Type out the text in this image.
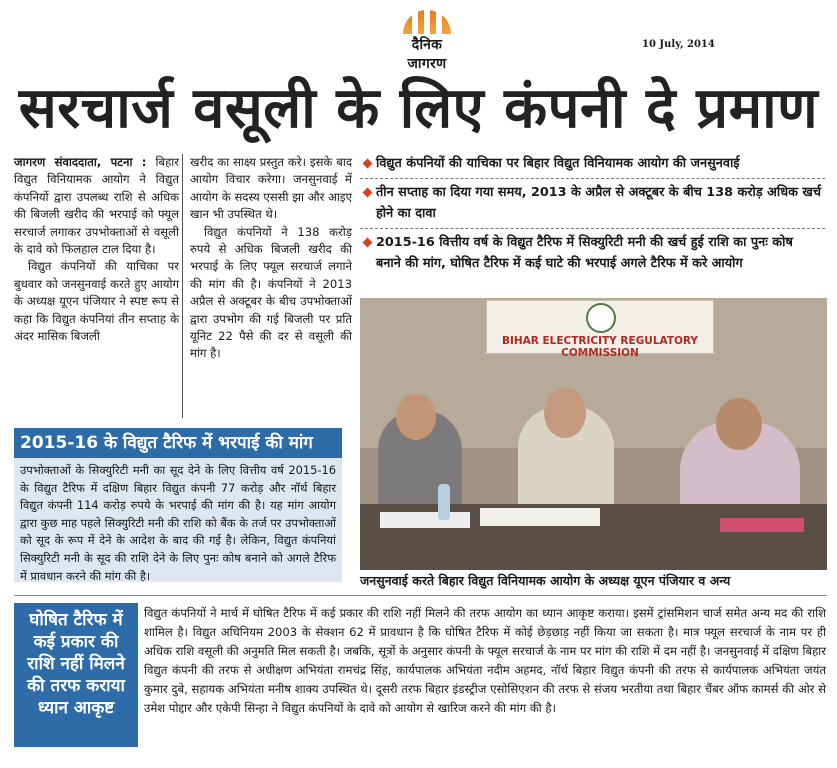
दैनिक जागरण
10 July, 2014
सरचार्ज वसूली के लिए कंपनी दे प्रमाण

जागरण संवाददाता, पटना : बिहार विद्युत विनियामक आयोग ने विद्युत कंपनियों द्वारा उपलब्ध राशि से अधिक की बिजली खरीद की भरपाई को फ्यूल सरचार्ज लगाकर उपभोक्ताओं से वसूली के दावे को फिलहाल टाल दिया है।

विद्युत कंपनियों की याचिका पर बुधवार को जनसुनवाई करते हुए आयोग के अध्यक्ष यूएन पंजियार ने स्पष्ट रूप से कहा कि विद्युत कंपनियां तीन सप्ताह के अंदर मासिक बिजली

खरीद का साक्ष्य प्रस्तुत करे। इसके बाद आयोग विचार करेगा। जनसुनवाई में आयोग के सदस्य एससी झा और आइए खान भी उपस्थित थे।

विद्युत कंपनियों ने 138 करोड़ रुपये से अधिक बिजली खरीद की भरपाई के लिए फ्यूल सरचार्ज लगाने की मांग की है। कंपनियों ने 2013 अप्रैल से अक्टूबर के बीच उपभोक्ताओं द्वारा उपभोग की गई बिजली पर प्रति यूनिट 22 पैसे की दर से वसूली की मांग है।

विद्युत कंपनियों की याचिका पर बिहार विद्युत विनियामक आयोग की जनसुनवाई
तीन सप्ताह का दिया गया समय, 2013 के अप्रैल से अक्टूबर के बीच 138 करोड़ अधिक खर्च होने का दावा
2015-16 वित्तीय वर्ष के विद्युत टैरिफ में सिक्युरिटी मनी की खर्च हुई राशि का पुनः कोष बनाने की मांग, घोषित टैरिफ में कई घाटे की भरपाई अगले टैरिफ में करे आयोग
BIHAR ELECTRICITY REGULATORY COMMISSION
जनसुनवाई करते बिहार विद्युत विनियामक आयोग के अध्यक्ष यूएन पंजियार व अन्य
2015-16 के विद्युत टैरिफ में भरपाई की मांग
उपभोक्ताओं के सिक्युरिटी मनी का सूद देने के लिए वित्तीय वर्ष 2015-16 के विद्युत टैरिफ में दक्षिण बिहार विद्युत कंपनी 77 करोड़ और नॉर्थ बिहार विद्युत कंपनी 114 करोड़ रुपये के भरपाई की मांग की है। यह मांग आयोग द्वारा कुछ माह पहले सिक्युरिटी मनी की राशि को बैंक के तर्ज पर उपभोक्ताओं को सूद के रूप में देने के आदेश के बाद की गई है। लेकिन, विद्युत कंपनियां सिक्युरिटी मनी के सूद की राशि देने के लिए पुनः कोष बनाने को अगले टैरिफ में प्रावधान करने की मांग की है।
घोषित टैरिफ में कई प्रकार की राशि नहीं मिलने की तरफ कराया ध्यान आकृष्ट
विद्युत कंपनियों ने मार्च में घोषित टैरिफ में कई प्रकार की राशि नहीं मिलने की तरफ आयोग का ध्यान आकृष्ट कराया। इसमें ट्रांसमिशन चार्ज समेत अन्य मद की राशि शामिल है। विद्युत अधिनियम 2003 के सेक्शन 62 में प्रावधान है कि घोषित टैरिफ में कोई छेड़छाड़ नहीं किया जा सकता है। मात्र फ्यूल सरचार्ज के नाम पर ही अधिक राशि वसूली की अनुमति मिल सकती है। जबकि, सूत्रों के अनुसार कंपनी के फ्यूल सरचार्ज के नाम पर मांग की राशि में दम नहीं है। जनसुनवाई में दक्षिण बिहार विद्युत कंपनी की तरफ से अधीक्षण अभियंता रामचंद्र सिंह, कार्यपालक अभियंता नदीम अहमद, नॉर्थ बिहार विद्युत कंपनी की तरफ से कार्यपालक अभियंता जयंत कुमार दुबे, सहायक अभियंता मनीष शाक्य उपस्थित थे। दूसरी तरफ बिहार इंडस्ट्रीज एसोसिएशन की तरफ से संजय भरतीया तथा बिहार चैंबर ऑफ कामर्स की ओर से उमेश पोद्दार और एकेपी सिन्हा ने विद्युत कंपनियों के दावे को आयोग से खारिज करने की मांग की है।
